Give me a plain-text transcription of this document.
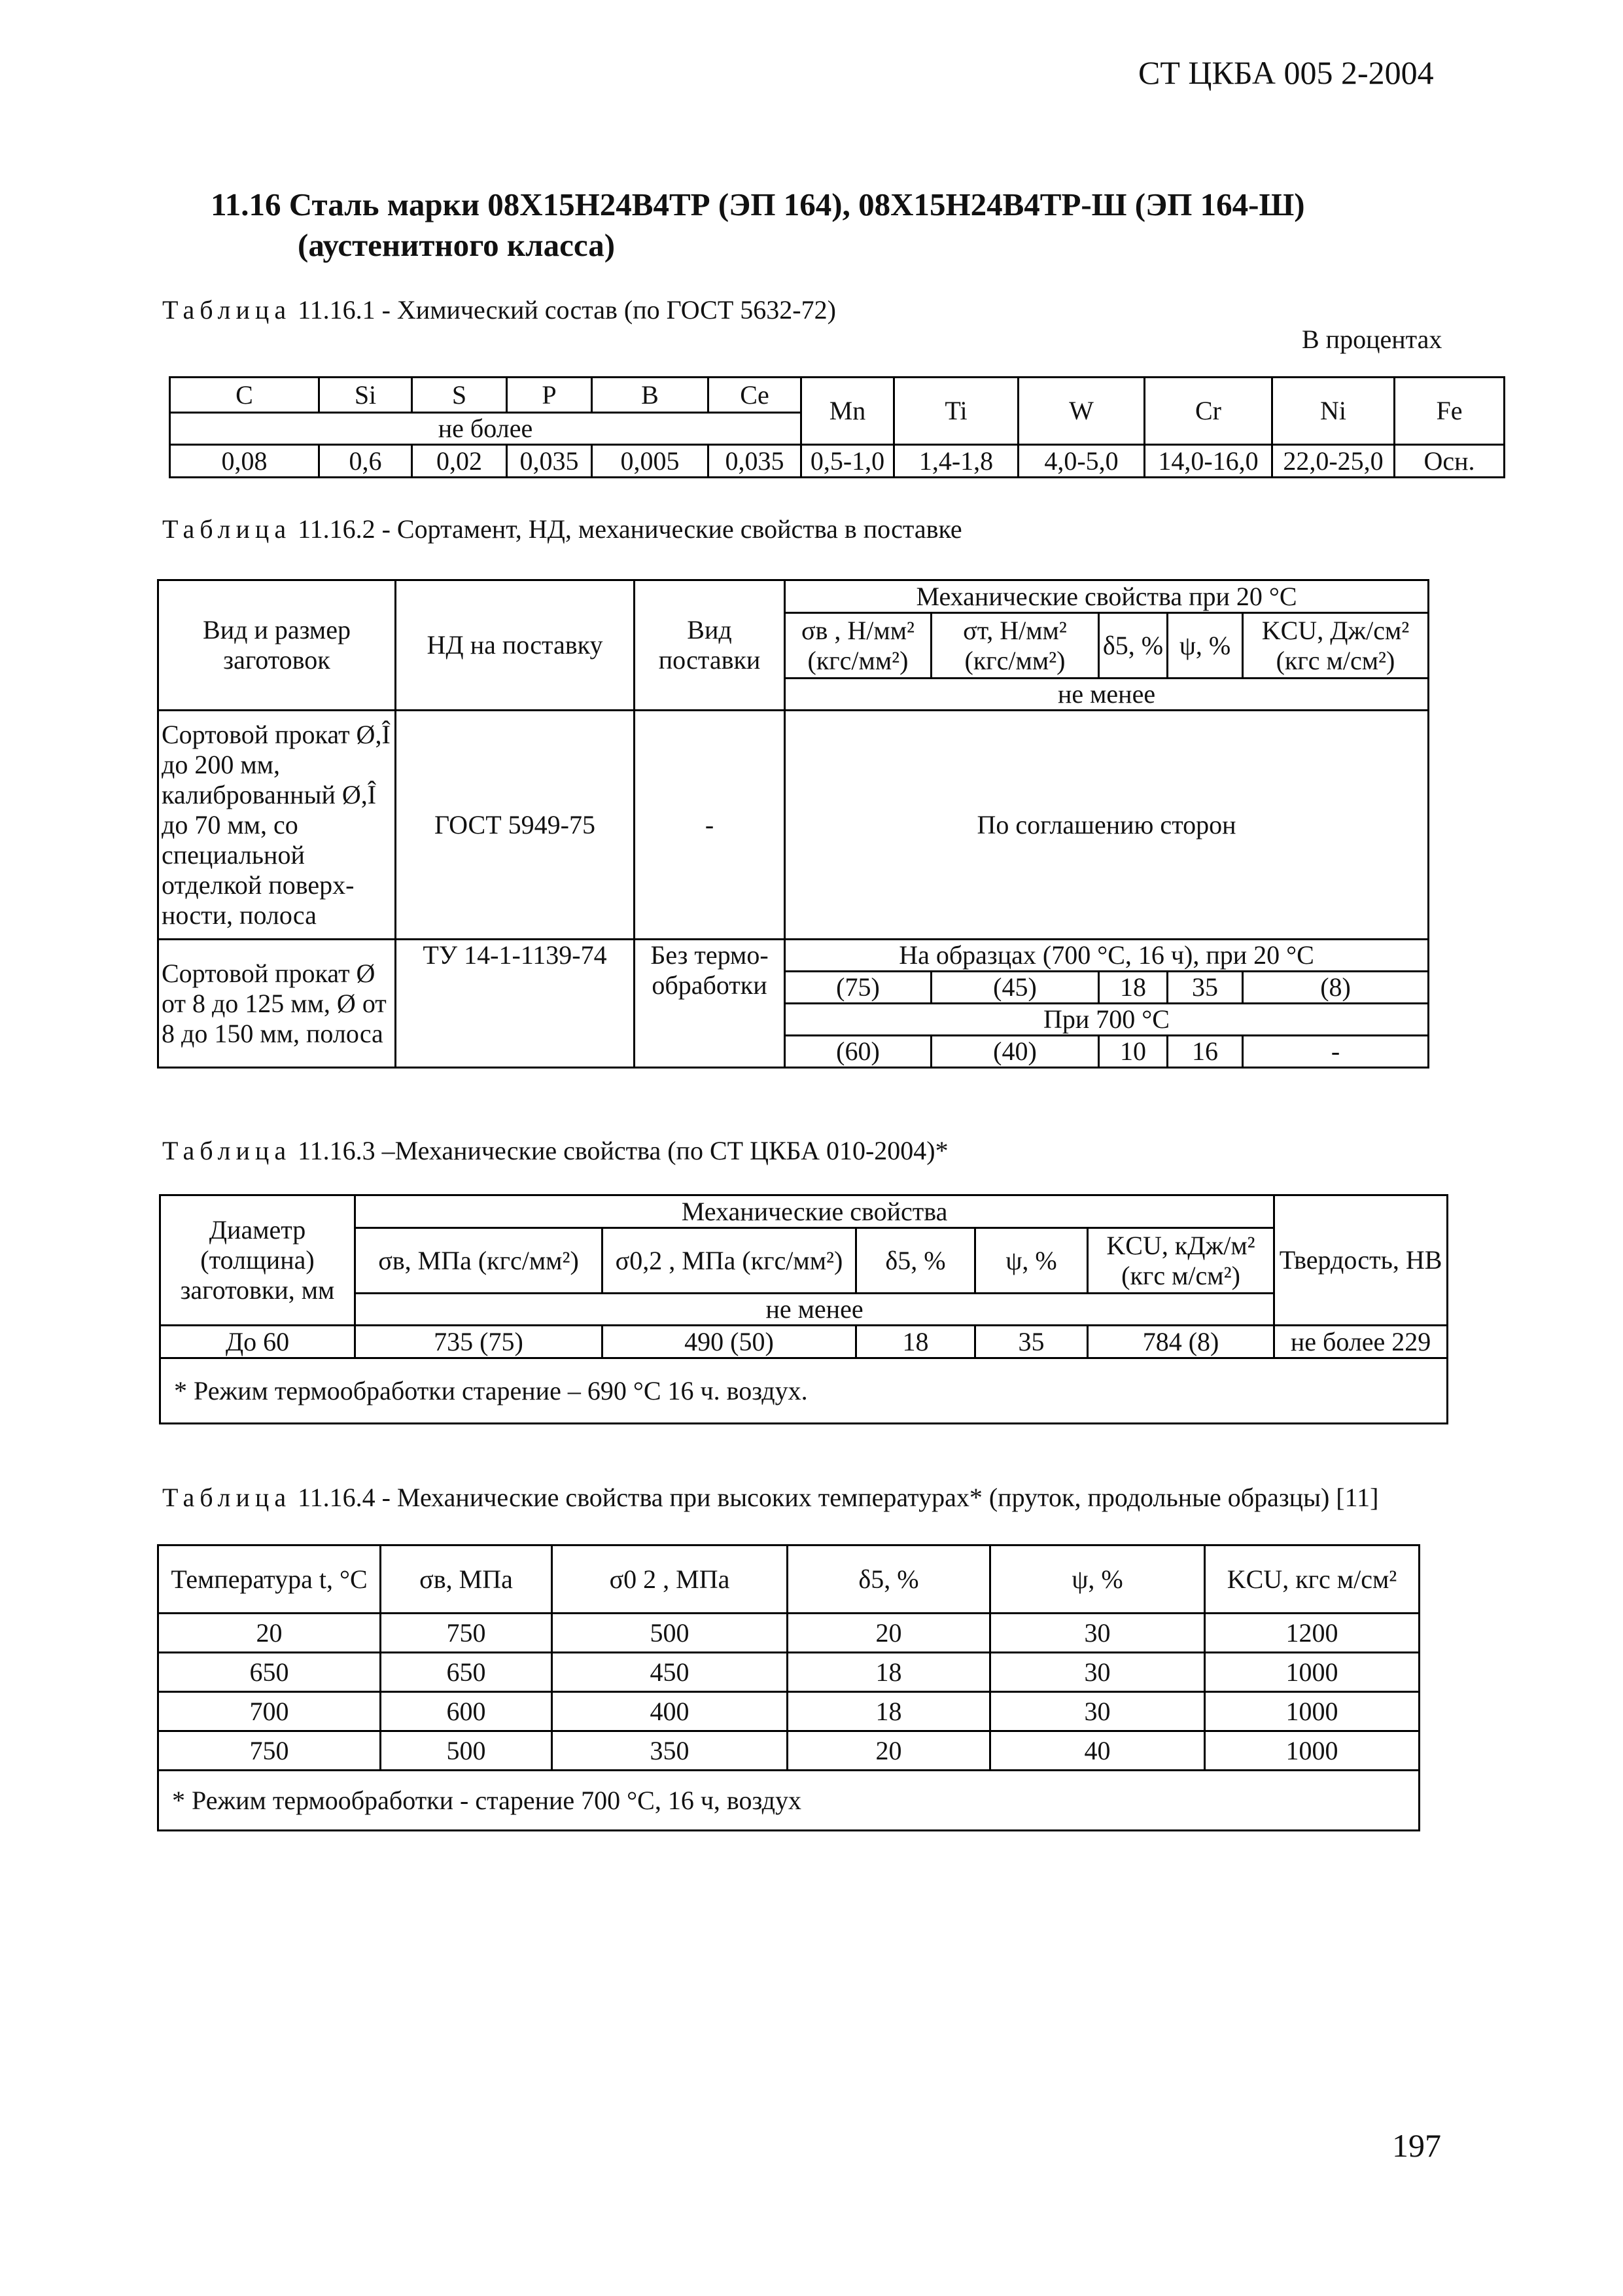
СТ ЦКБА 005 2-2004
11.16 Сталь марки 08Х15Н24В4ТР (ЭП 164), 08Х15Н24В4ТР-Ш (ЭП 164-Ш)
(аустенитного класса)
Таблица 11.16.1 - Химический состав (по ГОСТ 5632-72)
В процентах
C	Si	S	P	B	Ce	Mn	Ti	W	Cr	Ni	Fe
не более											
0,08	0,6	0,02	0,035	0,005	0,035	0,5-1,0	1,4-1,8	4,0-5,0	14,0-16,0	22,0-25,0	Осн.
Таблица 11.16.2 - Сортамент, НД, механические свойства в поставке
Вид и размер заготовок	НД на поставку	Вид поставки	Механические свойства при 20 °С				
			σв , Н/мм² (кгс/мм²)	σт, Н/мм² (кгс/мм²)	δ5, %	ψ, %	KCU, Дж/см² (кгс м/см²)
			не менее				
Сортовой прокат Ø,Î до 200 мм, калиброванный Ø,Î до 70 мм, со специальной отделкой поверх-ности, полоса	ГОСТ 5949-75	-	По соглашению сторон				
Сортовой прокат Ø от 8 до 125 мм, Ø от 8 до 150 мм, полоса	ТУ 14-1-1139-74	Без термо-обработки	На образцах (700 °С, 16 ч), при 20 °С				
			(75)	(45)	18	35	(8)
			При 700 °С				
			(60)	(40)	10	16	-
Таблица 11.16.3 –Механические свойства (по СТ ЦКБА 010-2004)*
Диаметр (толщина) заготовки, мм	Механические свойства					Твердость, НВ
	σв, МПа (кгс/мм²)	σ0,2 , МПа (кгс/мм²)	δ5, %	ψ, %	KCU, кДж/м² (кгс м/см²)	
	не менее					
До 60	735 (75)	490 (50)	18	35	784 (8)	не более 229
* Режим термообработки старение – 690 °С 16 ч. воздух.						
Таблица 11.16.4 - Механические свойства при высоких температурах* (пруток, продольные образцы) [11]
Температура t, °С	σв, МПа	σ0 2 , МПа	δ5, %	ψ, %	KCU, кгс м/см²
20	750	500	20	30	1200
650	650	450	18	30	1000
700	600	400	18	30	1000
750	500	350	20	40	1000
* Режим термообработки - старение 700 °С, 16 ч, воздух					
197
